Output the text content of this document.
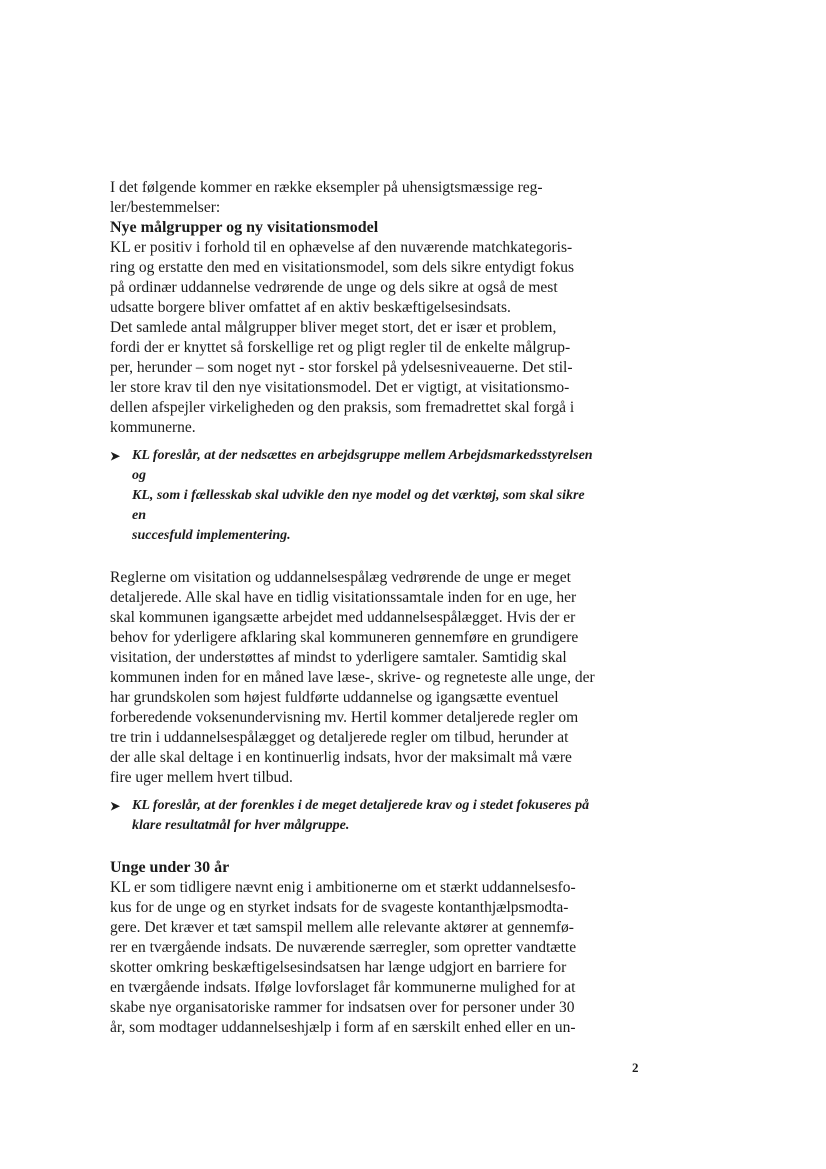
I det følgende kommer en række eksempler på uhensigtsmæssige reg-
ler/bestemmelser:

Nye målgrupper og ny visitationsmodel

KL er positiv i forhold til en ophævelse af den nuværende matchkategoris-
ring og erstatte den med en visitationsmodel, som dels sikre entydigt fokus
på ordinær uddannelse vedrørende de unge og dels sikre at også de mest
udsatte borgere bliver omfattet af en aktiv beskæftigelsesindsats.

Det samlede antal målgrupper bliver meget stort, det er især et problem,
fordi der er knyttet så forskellige ret og pligt regler til de enkelte målgrup-
per, herunder – som noget nyt - stor forskel på ydelsesniveauerne. Det stil-
ler store krav til den nye visitationsmodel. Det er vigtigt, at visitationsmo-
dellen afspejler virkeligheden og den praksis, som fremadrettet skal forgå i
kommunerne.

➤ KL foreslår, at der nedsættes en arbejdsgruppe mellem Arbejdsmarkedsstyrelsen og
KL, som i fællesskab skal udvikle den nye model og det værktøj, som skal sikre en
succesfuld implementering.

Reglerne om visitation og uddannelsespålæg vedrørende de unge er meget
detaljerede. Alle skal have en tidlig visitationssamtale inden for en uge, her
skal kommunen igangsætte arbejdet med uddannelsespålægget. Hvis der er
behov for yderligere afklaring skal kommuneren gennemføre en grundigere
visitation, der understøttes af mindst to yderligere samtaler. Samtidig skal
kommunen inden for en måned lave læse-, skrive- og regneteste alle unge, der
har grundskolen som højest fuldførte uddannelse og igangsætte eventuel
forberedende voksenundervisning mv. Hertil kommer detaljerede regler om
tre trin i uddannelsespålægget og detaljerede regler om tilbud, herunder at
der alle skal deltage i en kontinuerlig indsats, hvor der maksimalt må være
fire uger mellem hvert tilbud.

➤ KL foreslår, at der forenkles i de meget detaljerede krav og i stedet fokuseres på
klare resultatmål for hver målgruppe.

Unge under 30 år

KL er som tidligere nævnt enig i ambitionerne om et stærkt uddannelsesfo-
kus for de unge og en styrket indsats for de svageste kontanthjælpsmodta-
gere. Det kræver et tæt samspil mellem alle relevante aktører at gennemfø-
rer en tværgående indsats. De nuværende særregler, som opretter vandtætte
skotter omkring beskæftigelsesindsatsen har længe udgjort en barriere for
en tværgående indsats. Ifølge lovforslaget får kommunerne mulighed for at
skabe nye organisatoriske rammer for indsatsen over for personer under 30
år, som modtager uddannelseshjælp i form af en særskilt enhed eller en un-

2
